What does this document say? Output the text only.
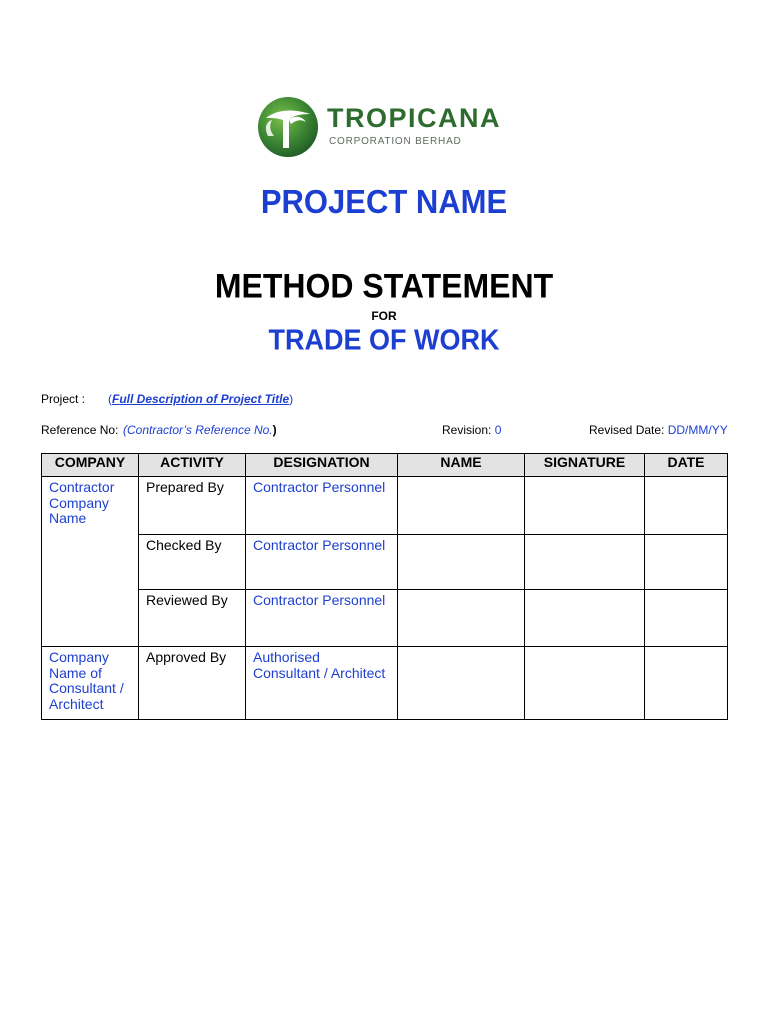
TROPICANA
CORPORATION BERHAD
PROJECT NAME
METHOD STATEMENT
FOR
TRADE OF WORK
Project : (Full Description of Project Title)
Reference No: (Contractor’s Reference No.)	Revision: 0	Revised Date: DD/MM/YY
COMPANY	ACTIVITY	DESIGNATION	NAME	SIGNATURE	DATE
Contractor Company Name	Prepared By	Contractor Personnel			
	Checked By	Contractor Personnel			
	Reviewed By	Contractor Personnel			
Company Name of Consultant / Architect	Approved By	Authorised Consultant / Architect			
